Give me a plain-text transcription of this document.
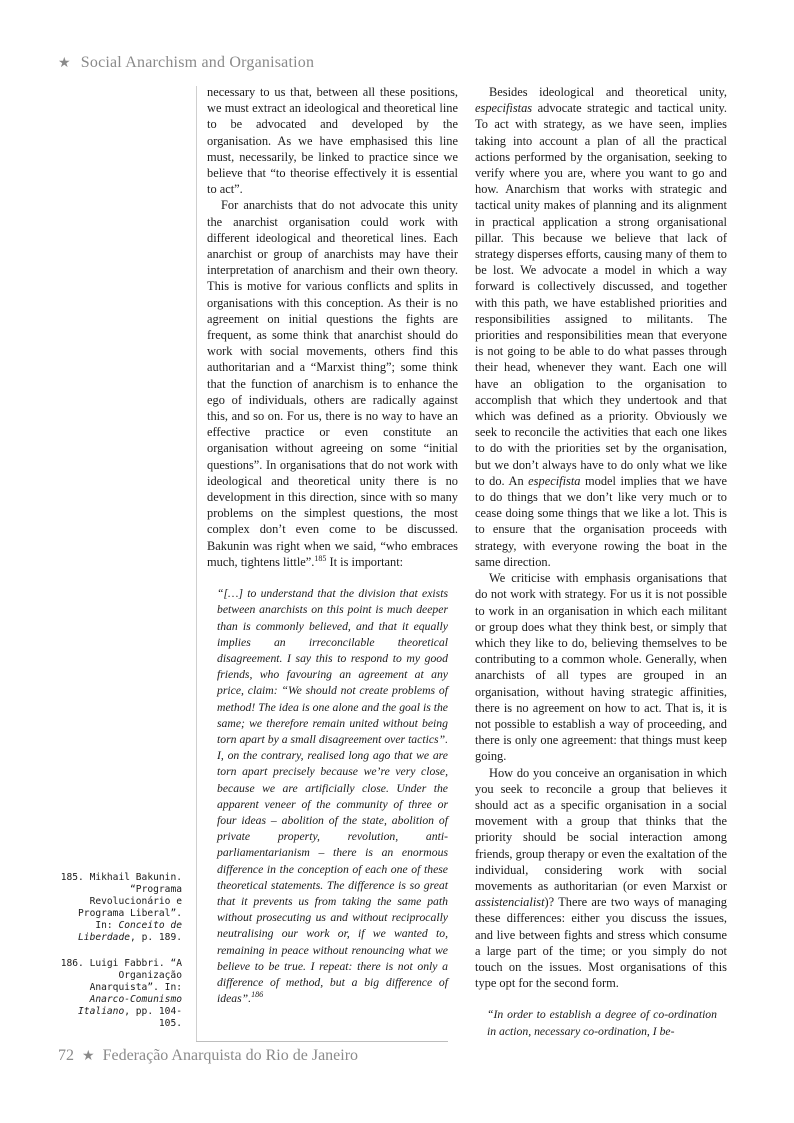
★ Social Anarchism and Organisation

necessary to us that, between all these positions, we must extract an ideological and theoretical line to be advocated and developed by the organisation. As we have emphasised this line must, necessarily, be linked to practice since we believe that “to theorise effectively it is essential to act”.

For anarchists that do not advocate this unity the anarchist organisation could work with different ideological and theoretical lines. Each anarchist or group of anarchists may have their interpretation of anarchism and their own theory. This is motive for various conflicts and splits in organisations with this conception. As their is no agreement on initial questions the fights are frequent, as some think that anarchist should do work with social movements, others find this authoritarian and a “Marxist thing”; some think that the function of anarchism is to enhance the ego of individuals, others are radically against this, and so on. For us, there is no way to have an effective practice or even constitute an organisation without agreeing on some “initial questions”. In organisations that do not work with ideological and theoretical unity there is no development in this direction, since with so many problems on the simplest questions, the most complex don’t even come to be discussed. Bakunin was right when we said, “who embraces much, tightens little”.$^{185}$ It is important:

“[…] to understand that the division that exists between anarchists on this point is much deeper than is commonly believed, and that it equally implies an irreconcilable theoretical disagreement. I say this to respond to my good friends, who favouring an agreement at any price, claim: “We should not create problems of method! The idea is one alone and the goal is the same; we therefore remain united without being torn apart by a small disagreement over tactics”. I, on the contrary, realised long ago that we are torn apart precisely because we’re very close, because we are artificially close. Under the apparent veneer of the community of three or four ideas – abolition of the state, abolition of private property, revolution, anti-parliamentarianism – there is an enormous difference in the conception of each one of these theoretical statements. The difference is so great that it prevents us from taking the same path without prosecuting us and without reciprocally neutralising our work or, if we wanted to, remaining in peace without renouncing what we believe to be true. I repeat: there is not only a difference of method, but a big difference of ideas”.$^{186}$

Besides ideological and theoretical unity, especifistas advocate strategic and tactical unity. To act with strategy, as we have seen, implies taking into account a plan of all the practical actions performed by the organisation, seeking to verify where you are, where you want to go and how. Anarchism that works with strategic and tactical unity makes of planning and its alignment in practical application a strong organisational pillar. This because we believe that lack of strategy disperses efforts, causing many of them to be lost. We advocate a model in which a way forward is collectively discussed, and together with this path, we have established priorities and responsibilities assigned to militants. The priorities and responsibilities mean that everyone is not going to be able to do what passes through their head, whenever they want. Each one will have an obligation to the organisation to accomplish that which they undertook and that which was defined as a priority. Obviously we seek to reconcile the activities that each one likes to do with the priorities set by the organisation, but we don’t always have to do only what we like to do. An especifista model implies that we have to do things that we don’t like very much or to cease doing some things that we like a lot. This is to ensure that the organisation proceeds with strategy, with everyone rowing the boat in the same direction.

We criticise with emphasis organisations that do not work with strategy. For us it is not possible to work in an organisation in which each militant or group does what they think best, or simply that which they like to do, believing themselves to be contributing to a common whole. Generally, when anarchists of all types are grouped in an organisation, without having strategic affinities, there is no agreement on how to act. That is, it is not possible to establish a way of proceeding, and there is only one agreement: that things must keep going.

How do you conceive an organisation in which you seek to reconcile a group that believes it should act as a specific organisation in a social movement with a group that thinks that the priority should be social interaction among friends, group therapy or even the exaltation of the individual, considering work with social movements as authoritarian (or even Marxist or assistencialist)? There are two ways of managing these differences: either you discuss the issues, and live between fights and stress which consume a large part of the time; or you simply do not touch on the issues. Most organisations of this type opt for the second form.

“In order to establish a degree of co-ordination in action, necessary co-ordination, I be-
185. Mikhail Bakunin. “Programa Revolucionário e Programa Liberal”. In: Conceito de Liberdade, p. 189.
186. Luigi Fabbri. “A Organização Anarquista”. In: Anarco-Comunismo Italiano, pp. 104-105.
72 ★ Federação Anarquista do Rio de Janeiro
